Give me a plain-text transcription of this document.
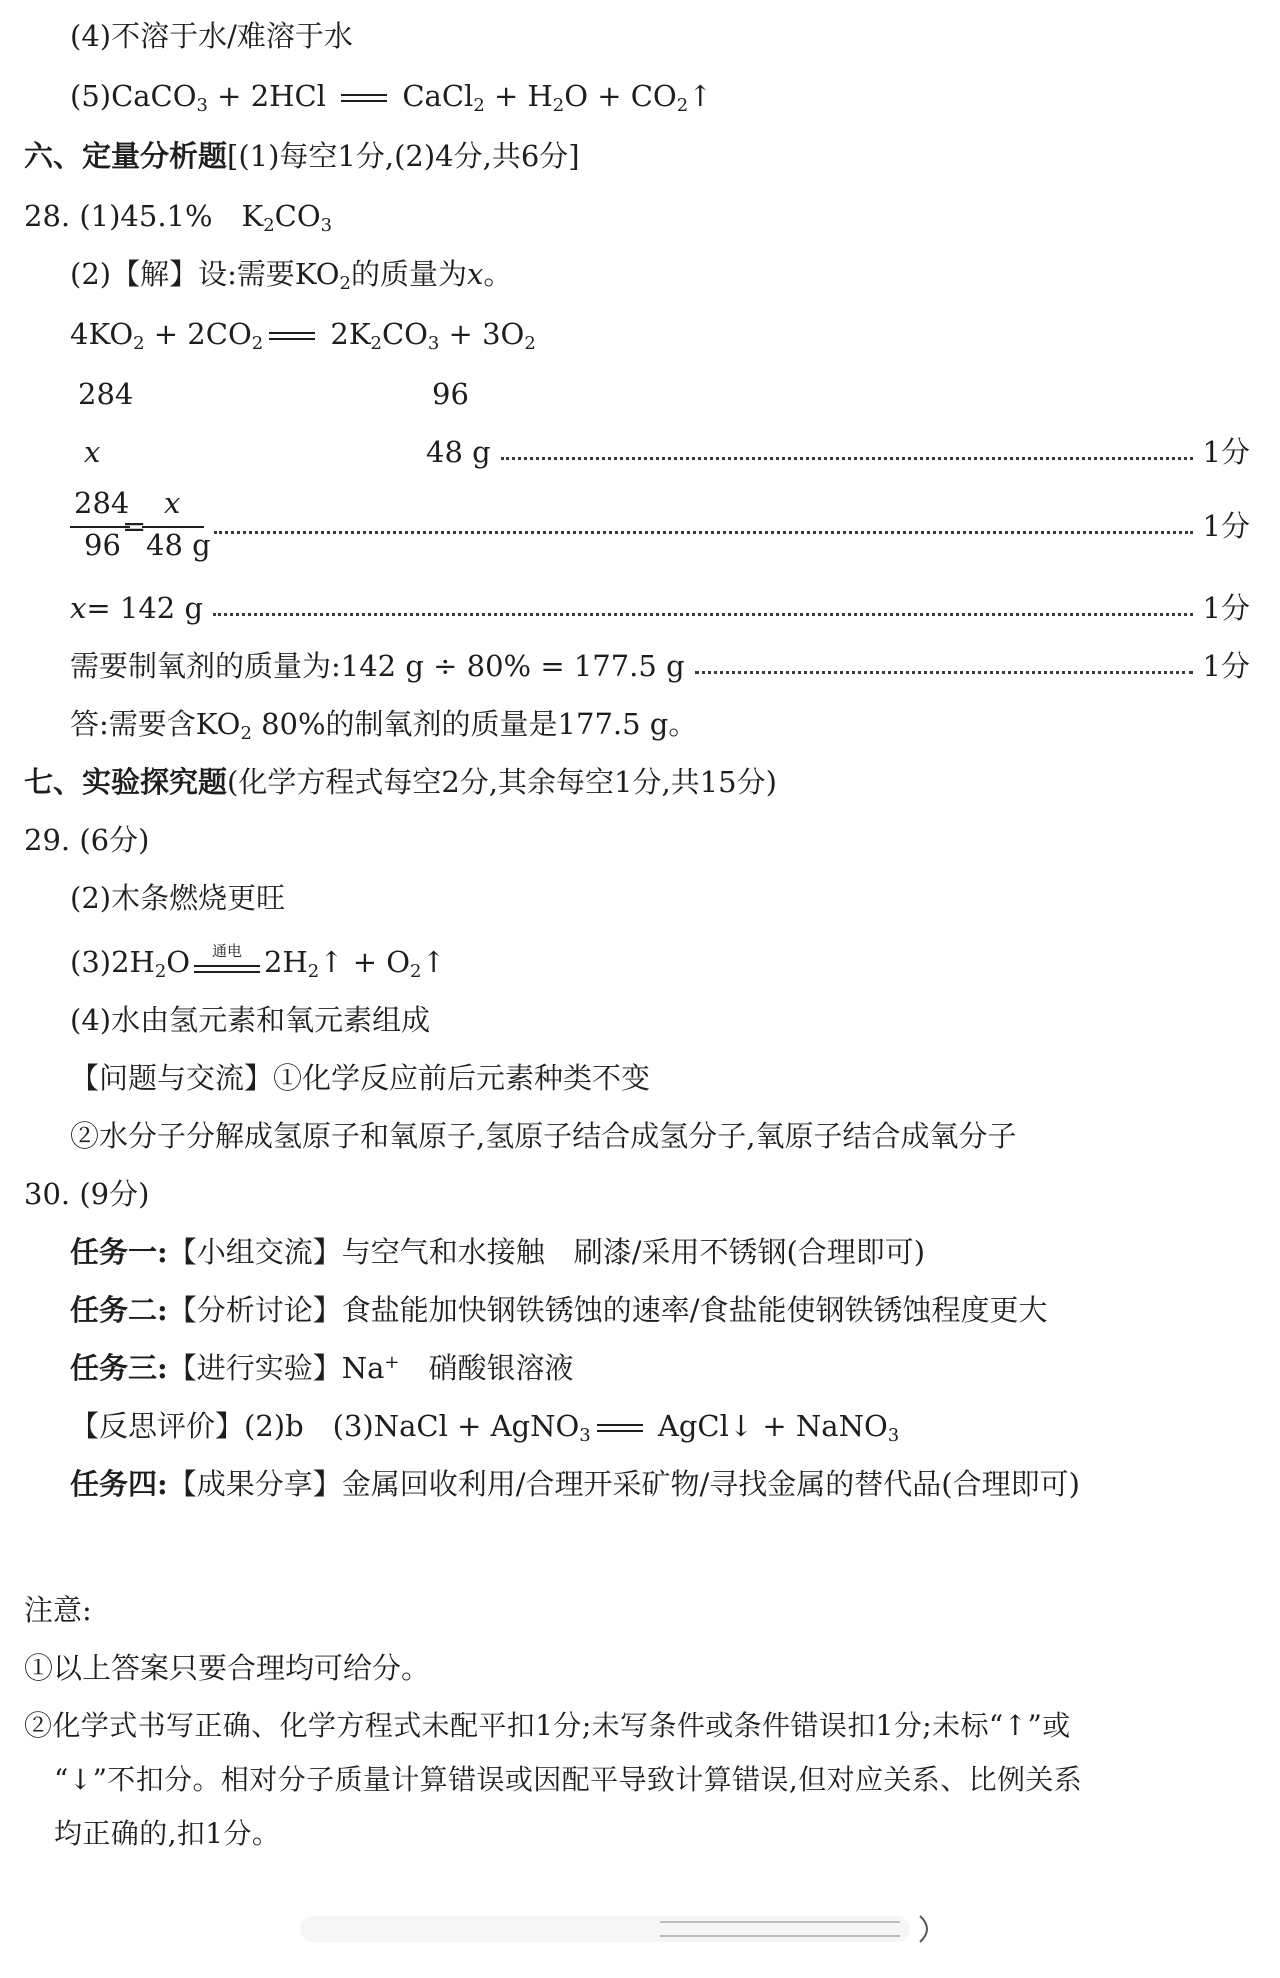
(4)不溶于水/难溶于水
(5)CaCO$_3$ + 2HCl
CaCl$_2$ + $H_2O$ + $CO_2↑$
六、定量分析题[(1)每空1分,(2)4分,共6分]
28. (1)45.1%　$K_2CO_3$
(2)【解】设:需要$KO_2$的质量为x。
$4KO_2 + 2CO_2$
$2K_2CO_3 + 3O_2$
284	96
x	48 g	1分
284
96
=
x
48 g
1分
x= 142 g	1分
需要制氧剂的质量为:142 g ÷ 80% = 177.5 g	1分
答:需要含$KO_2$ 80%的制氧剂的质量是177.5 g。
七、实验探究题(化学方程式每空2分,其余每空1分,共15分)
29. (6分)
(2)木条燃烧更旺
$(3)2H_2O$	通电 $2H_2↑$ + $O_2↑$
(4)水由氢元素和氧元素组成
【问题与交流】①化学反应前后元素种类不变
②水分子分解成氢原子和氧原子,氢原子结合成氢分子,氧原子结合成氧分子
30. (9分)
任务一:【小组交流】与空气和水接触　刷漆/采用不锈钢(合理即可)
任务二:【分析讨论】食盐能加快钢铁锈蚀的速率/食盐能使钢铁锈蚀程度更大
任务三:【进行实验】Na+　硝酸银溶液
【反思评价】(2)b　(3)NaCl + AgNO$_3$
AgCl↓ + NaNO$_3$
任务四:【成果分享】金属回收利用/合理开采矿物/寻找金属的替代品(合理即可)
注意:
①以上答案只要合理均可给分。
②化学式书写正确、化学方程式未配平扣1分;未写条件或条件错误扣1分;未标“↑”或
“↓”不扣分。相对分子质量计算错误或因配平导致计算错误,但对应关系、比例关系
均正确的,扣1分。
